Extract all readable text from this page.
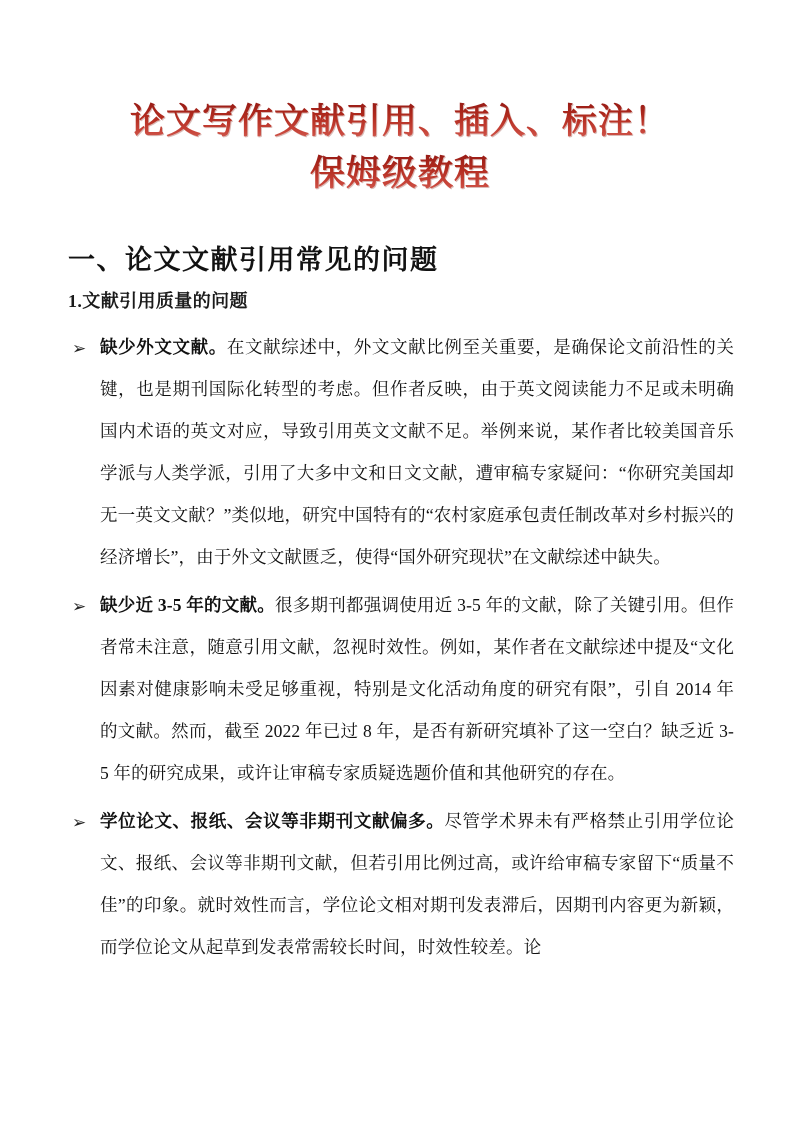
论文写作文献引用、插入、标注！
保姆级教程
一、论文文献引用常见的问题
1.文献引用质量的问题
➢ 缺少外文文献。在文献综述中，外文文献比例至关重要，是确保论文前沿性的关键，也是期刊国际化转型的考虑。但作者反映，由于英文阅读能力不足或未明确国内术语的英文对应，导致引用英文文献不足。举例来说，某作者比较美国音乐学派与人类学派，引用了大多中文和日文文献，遭审稿专家疑问：“你研究美国却无一英文文献？”类似地，研究中国特有的“农村家庭承包责任制改革对乡村振兴的经济增长”，由于外文文献匮乏，使得“国外研究现状”在文献综述中缺失。
➢ 缺少近 3-5 年的文献。很多期刊都强调使用近 3-5 年的文献，除了关键引用。但作者常未注意，随意引用文献，忽视时效性。例如，某作者在文献综述中提及“文化因素对健康影响未受足够重视，特别是文化活动角度的研究有限”，引自 2014 年的文献。然而，截至 2022 年已过 8 年，是否有新研究填补了这一空白？缺乏近 3-5 年的研究成果，或许让审稿专家质疑选题价值和其他研究的存在。
➢ 学位论文、报纸、会议等非期刊文献偏多。尽管学术界未有严格禁止引用学位论文、报纸、会议等非期刊文献，但若引用比例过高，或许给审稿专家留下“质量不佳”的印象。就时效性而言，学位论文相对期刊发表滞后，因期刊内容更为新颖，而学位论文从起草到发表常需较长时间，时效性较差。论
